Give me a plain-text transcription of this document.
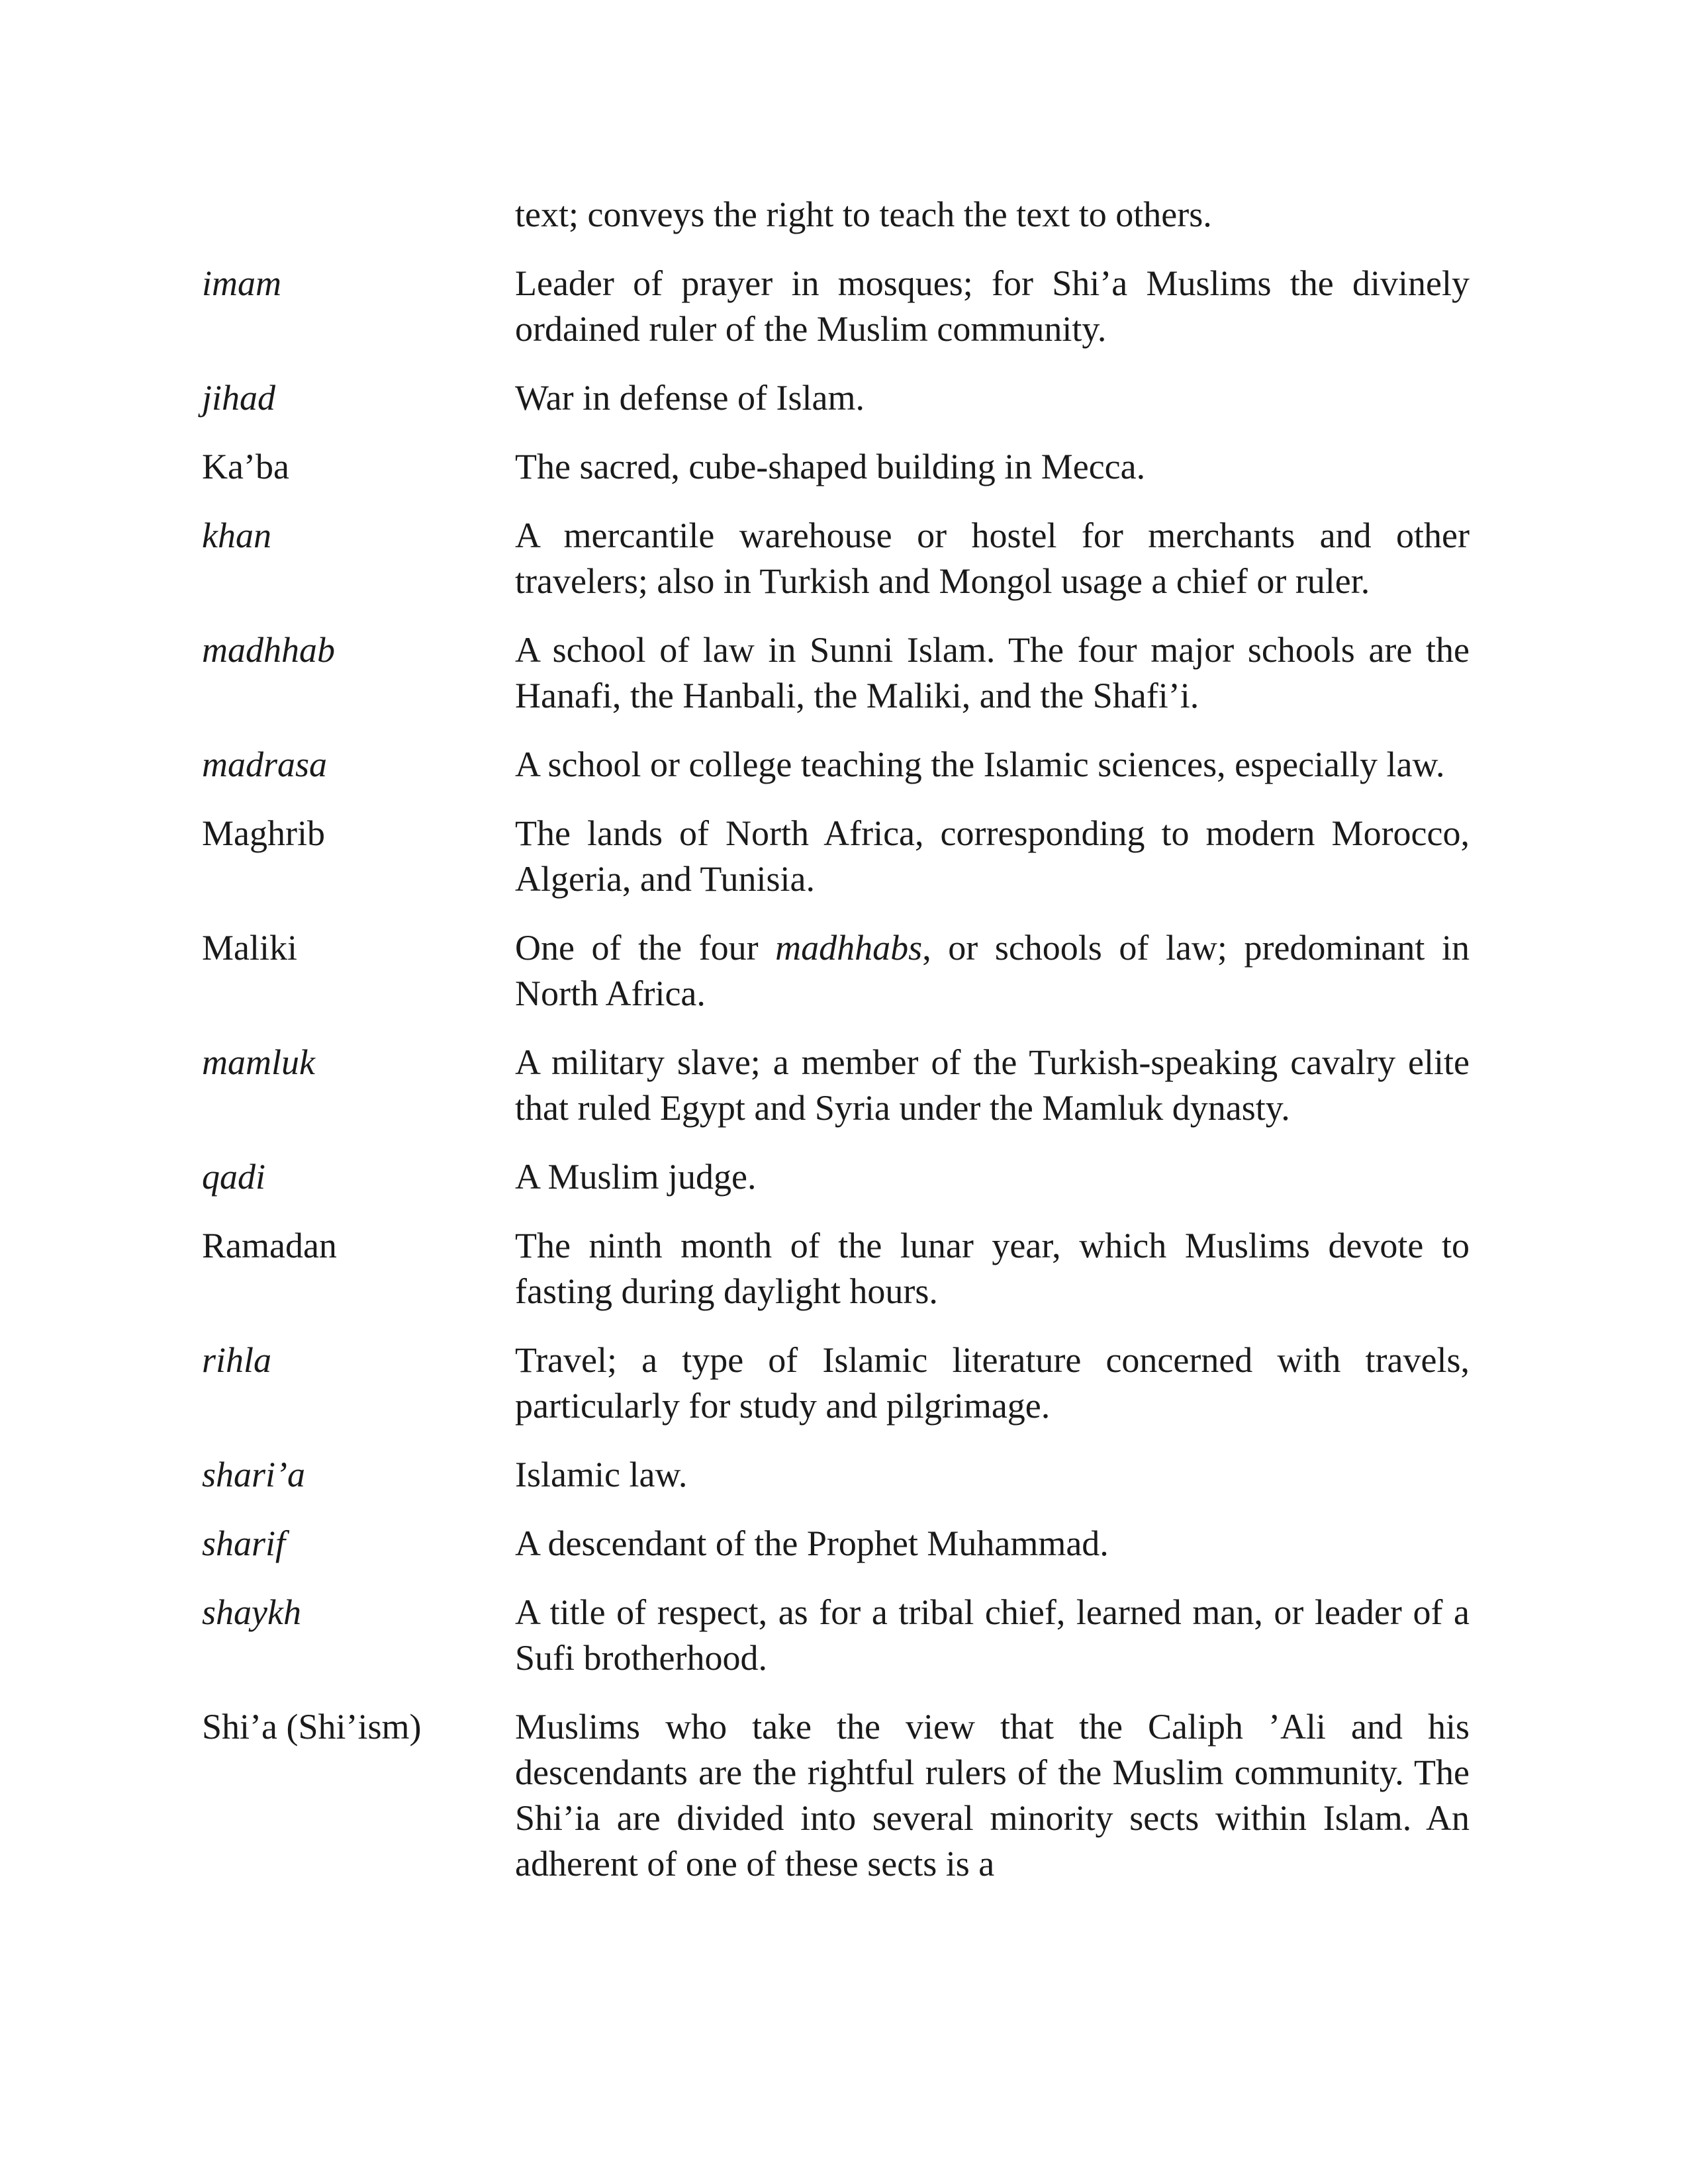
text; conveys the right to teach the text to others.
imam	Leader of prayer in mosques; for Shi’a Muslims the divinely ordained ruler of the Muslim community.
jihad	War in defense of Islam.
Ka’ba	The sacred, cube-shaped building in Mecca.
khan	A mercantile warehouse or hostel for merchants and other travelers; also in Turkish and Mongol usage a chief or ruler.
madhhab	A school of law in Sunni Islam. The four major schools are the Hanafi, the Hanbali, the Maliki, and the Shafi’i.
madrasa	A school or college teaching the Islamic sciences, especially law.
Maghrib	The lands of North Africa, corresponding to modern Morocco, Algeria, and Tunisia.
Maliki	One of the four madhhabs, or schools of law; predominant in North Africa.
mamluk	A military slave; a member of the Turkish-speaking cavalry elite that ruled Egypt and Syria under the Mamluk dynasty.
qadi	A Muslim judge.
Ramadan	The ninth month of the lunar year, which Muslims devote to fasting during daylight hours.
rihla	Travel; a type of Islamic literature concerned with travels, particularly for study and pilgrimage.
shari’a	Islamic law.
sharif	A descendant of the Prophet Muhammad.
shaykh	A title of respect, as for a tribal chief, learned man, or leader of a Sufi brotherhood.
Shi’a (Shi’ism)	Muslims who take the view that the Caliph ’Ali and his descendants are the rightful rulers of the Muslim community. The Shi’ia are divided into several minority sects within Islam. An adherent of one of these sects is a
